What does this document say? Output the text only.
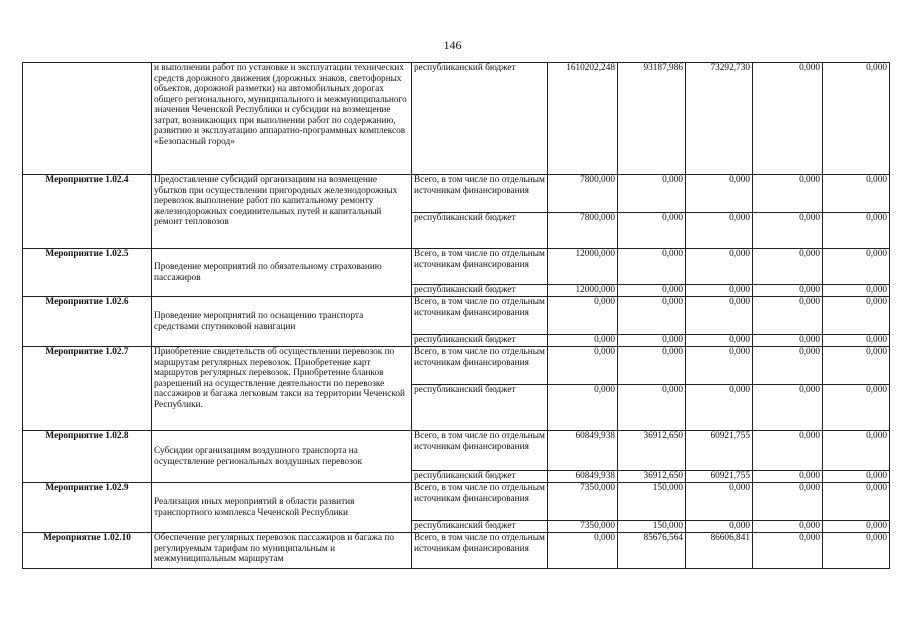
146
	и выполнении работ по установке и эксплуатации технических средств дорожного движения (дорожных знаков, светофорных объектов, дорожной разметки) на автомобильных дорогах общего регионального, муниципального и межмуниципального значения Чеченской Республики и субсидии на возмещение затрат, возникающих при выполнении работ по содержанию, развитию и эксплуатацию аппаратно-программных комплексов «Безопасный город»	республиканский бюджет	1610202,248	93187,986	73292,730	0,000	0,000
Мероприятие 1.02.4	Предоставление субсидий организациям на возмещение убытков при осуществлении пригородных железнодорожных перевозок выполнение работ по капитальному ремонту железнодорожных соединительных путей и капитальный ремонт тепловозов	Всего, в том числе по отдельным источникам финансирования	7800,000	0,000	0,000	0,000	0,000
		республиканский бюджет	7800,000	0,000	0,000	0,000	0,000
Мероприятие 1.02.5	Проведение мероприятий по обязательному страхованию пассажиров	Всего, в том числе по отдельным источникам финансирования	12000,000	0,000	0,000	0,000	0,000
		республиканский бюджет	12000,000	0,000	0,000	0,000	0,000
Мероприятие 1.02.6	Проведение мероприятий по оснащению транспорта средствами спутниковой навигации	Всего, в том числе по отдельным источникам финансирования	0,000	0,000	0,000	0,000	0,000
		республиканский бюджет	0,000	0,000	0,000	0,000	0,000
Мероприятие 1.02.7	Приобретение свидетельств об осуществлении перевозок по маршрутам регулярных перевозок. Приобретение карт маршрутов регулярных перевозок. Приобретение бланков разрешений на осуществление деятельности по перевозке пассажиров и багажа легковым такси на территории Чеченской Республики.	Всего, в том числе по отдельным источникам финансирования	0,000	0,000	0,000	0,000	0,000
		республиканский бюджет	0,000	0,000	0,000	0,000	0,000
Мероприятие 1.02.8	Субсидии организациям воздушного транспорта на осуществление региональных воздушных перевозок	Всего, в том числе по отдельным источникам финансирования	60849,938	36912,650	60921,755	0,000	0,000
		республиканский бюджет	60849,938	36912,650	60921,755	0,000	0,000
Мероприятие 1.02.9	Реализация иных мероприятий в области развития транспортного комплекса Чеченской Республики	Всего, в том числе по отдельным источникам финансирования	7350,000	150,000	0,000	0,000	0,000
		республиканский бюджет	7350,000	150,000	0,000	0,000	0,000
Мероприятие 1.02.10	Обеспечение регулярных перевозок пассажиров и багажа по регулируемым тарифам по муниципальным и межмуниципальным маршрутам	Всего, в том числе по отдельным источникам финансирования	0,000	85676,564	86606,841	0,000	0,000
